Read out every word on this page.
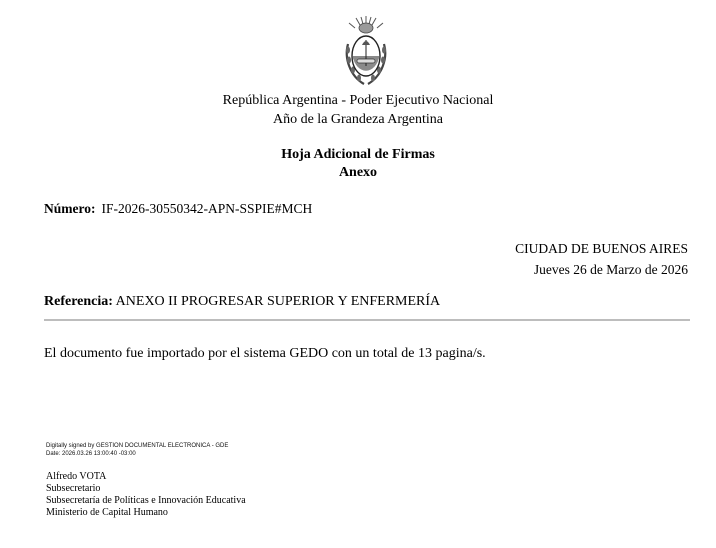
República Argentina - Poder Ejecutivo Nacional
Año de la Grandeza Argentina
Hoja Adicional de Firmas
Anexo
Número: IF-2026-30550342-APN-SSPIE#MCH
CIUDAD DE BUENOS AIRES
Jueves 26 de Marzo de 2026
Referencia: ANEXO II PROGRESAR SUPERIOR Y ENFERMERÍA
El documento fue importado por el sistema GEDO con un total de 13 pagina/s.
Digitally signed by GESTION DOCUMENTAL ELECTRONICA - GDE
Date: 2026.03.26 13:00:40 -03:00
Alfredo VOTA
Subsecretario
Subsecretaría de Políticas e Innovación Educativa
Ministerio de Capital Humano
